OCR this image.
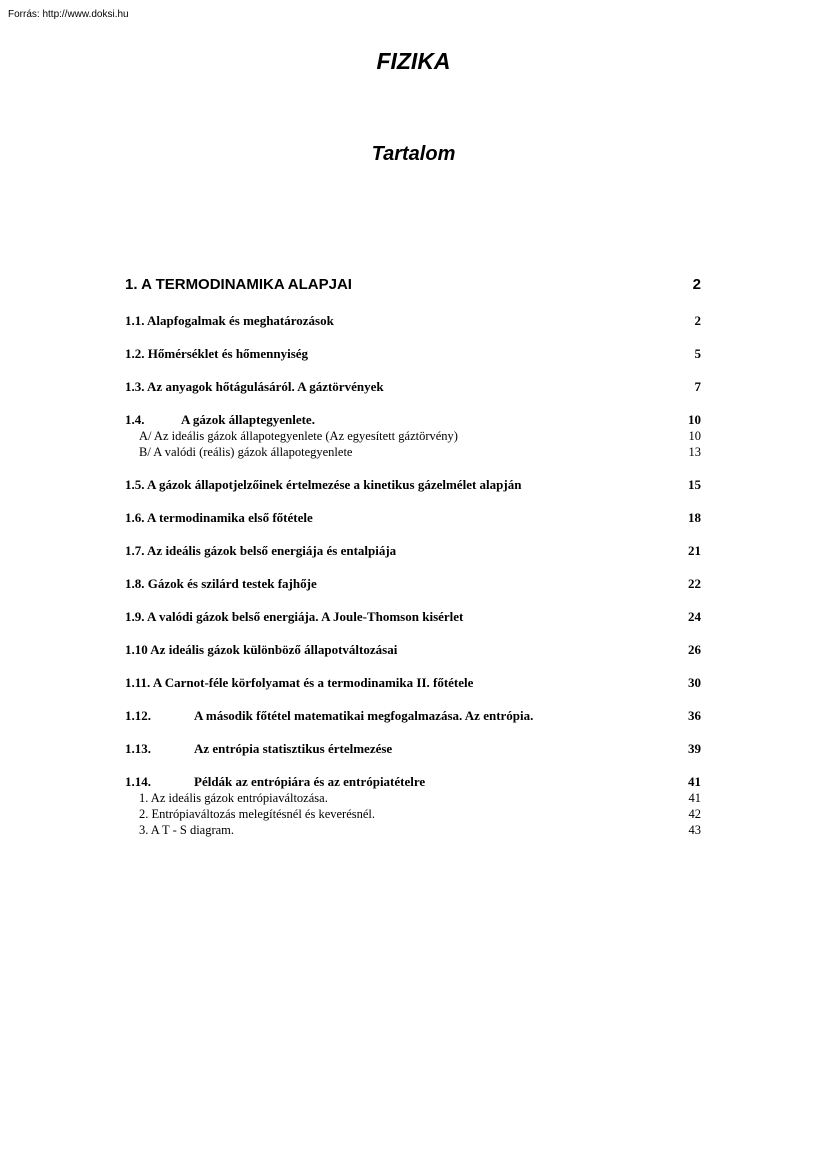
Forrás: http://www.doksi.hu
FIZIKA
Tartalom
1. A TERMODINAMIKA ALAPJAI	2
1.1. Alapfogalmak és meghatározások	2
1.2. Hőmérséklet és hőmennyiség	5
1.3. Az anyagok hőtágulásáról. A gáztörvények	7
1.4.	A gázok állaptegyenlete.	10
A/ Az ideális gázok állapotegyenlete (Az egyesített gáztörvény)	10
B/ A valódi (reális) gázok állapotegyenlete	13
1.5. A gázok állapotjelzőinek értelmezése a kinetikus gázelmélet alapján	15
1.6. A termodinamika első főtétele	18
1.7. Az ideális gázok belső energiája és entalpiája	21
1.8. Gázok és szilárd testek fajhője	22
1.9. A valódi gázok belső energiája. A Joule-Thomson kisérlet	24
1.10 Az ideális gázok különböző állapotváltozásai	26
1.11. A Carnot-féle körfolyamat és a termodinamika II. főtétele	30
1.12.	A második főtétel matematikai megfogalmazása. Az entrópia.	36
1.13.	Az entrópia statisztikus értelmezése	39
1.14.	Példák az entrópiára és az entrópiatételre	41
1. Az ideális gázok entrópiaváltozása.	41
2. Entrópiaváltozás melegítésnél és keverésnél.	42
3. A T - S diagram.	43
